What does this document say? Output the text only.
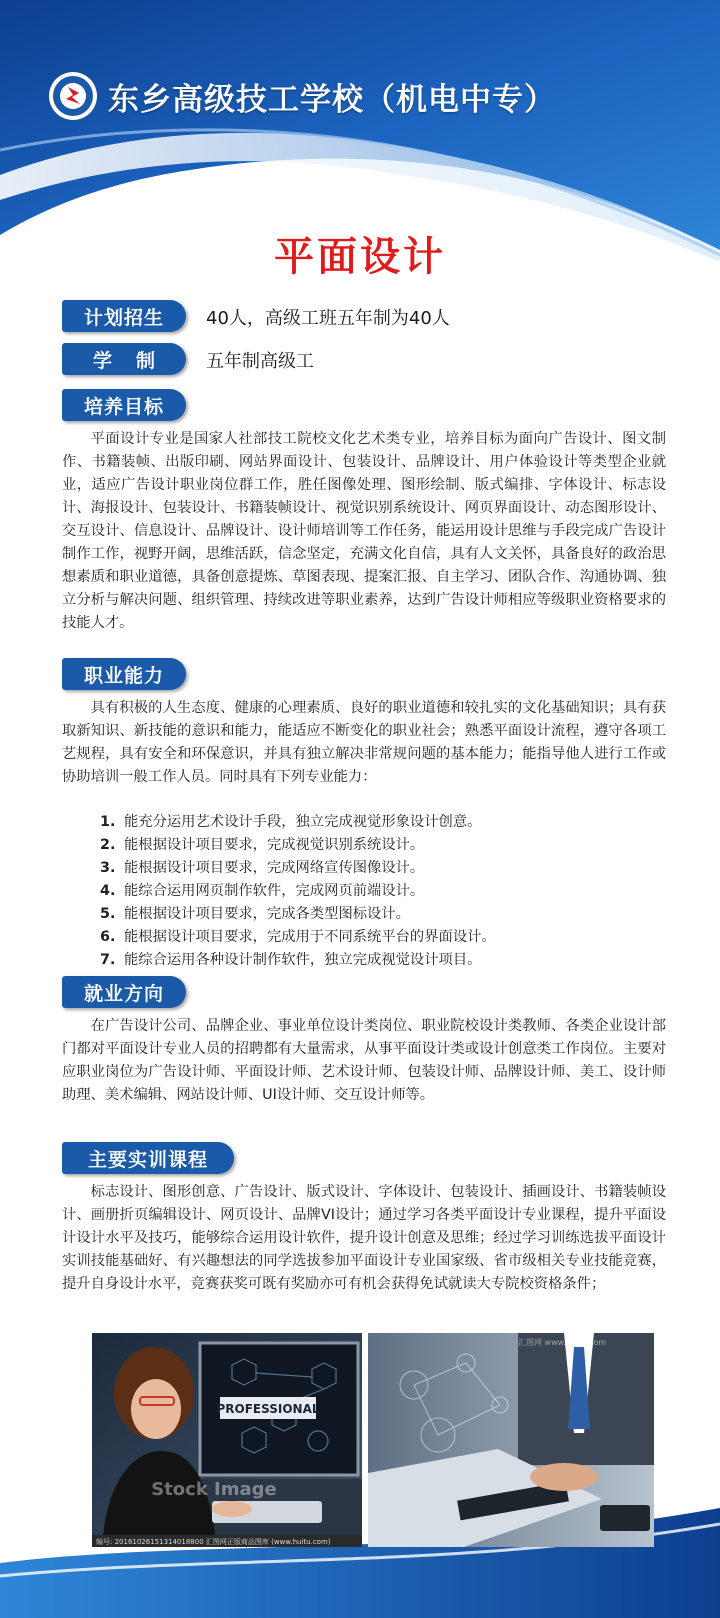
东乡高级技工学校（机电中专）
平面设计
计划招生	40人，高级工班五年制为40人
学制	五年制高级工
培养目标

平面设计专业是国家人社部技工院校文化艺术类专业，培养目标为面向广告设计、图文制作、书籍装帧、出版印刷、网站界面设计、包装设计、品牌设计、用户体验设计等类型企业就业，适应广告设计职业岗位群工作，胜任图像处理、图形绘制、版式编排、字体设计、标志设计、海报设计、包装设计、书籍装帧设计、视觉识别系统设计、网页界面设计、动态图形设计、交互设计、信息设计、品牌设计、设计师培训等工作任务，能运用设计思维与手段完成广告设计制作工作，视野开阔，思维活跃，信念坚定，充满文化自信，具有人文关怀，具备良好的政治思想素质和职业道德，具备创意提炼、草图表现、提案汇报、自主学习、团队合作、沟通协调、独立分析与解决问题、组织管理、持续改进等职业素养，达到广告设计师相应等级职业资格要求的 技能人才。

职业能力

具有积极的人生态度、健康的心理素质、良好的职业道德和较扎实的文化基础知识；具有获取新知识、新技能的意识和能力，能适应不断变化的职业社会；熟悉平面设计流程，遵守各项工艺规程，具有安全和环保意识，并具有独立解决非常规问题的基本能力；能指导他人进行工作或协助培训一般工作人员。同时具有下列专业能力：

1. 能充分运用艺术设计手段，独立完成视觉形象设计创意。
2. 能根据设计项目要求，完成视觉识别系统设计。
3. 能根据设计项目要求，完成网络宣传图像设计。
4. 能综合运用网页制作软件，完成网页前端设计。
5. 能根据设计项目要求，完成各类型图标设计。
6. 能根据设计项目要求，完成用于不同系统平台的界面设计。
7. 能综合运用各种设计制作软件，独立完成视觉设计项目。
就业方向

在广告设计公司、品牌企业、事业单位设计类岗位、职业院校设计类教师、各类企业设计部门都对平面设计专业人员的招聘都有大量需求，从事平面设计类或设计创意类工作岗位。主要对应职业岗位为广告设计师、平面设计师、艺术设计师、包装设计师、品牌设计师、美工、设计师助理、美术编辑、网站设计师、UI设计师、交互设计师等。

主要实训课程

标志设计、图形创意、广告设计、版式设计、字体设计、包装设计、插画设计、书籍装帧设计、画册折页编辑设计、网页设计、品牌VI设计；通过学习各类平面设计专业课程，提升平面设计设计水平及技巧，能够综合运用设计软件，提升设计创意及思维；经过学习训练选拔平面设计实训技能基础好、有兴趣想法的同学选拔参加平面设计专业国家级、省市级相关专业技能竞赛，提升自身设计水平，竞赛获奖可既有奖励亦可有机会获得免试就读大专院校资格条件；

PROFESSIONAL
Stock Image
编号: 20161026151314018800 汇图网正版商品图库 (www.huitu.com)
汇图网 www.huitu.com
